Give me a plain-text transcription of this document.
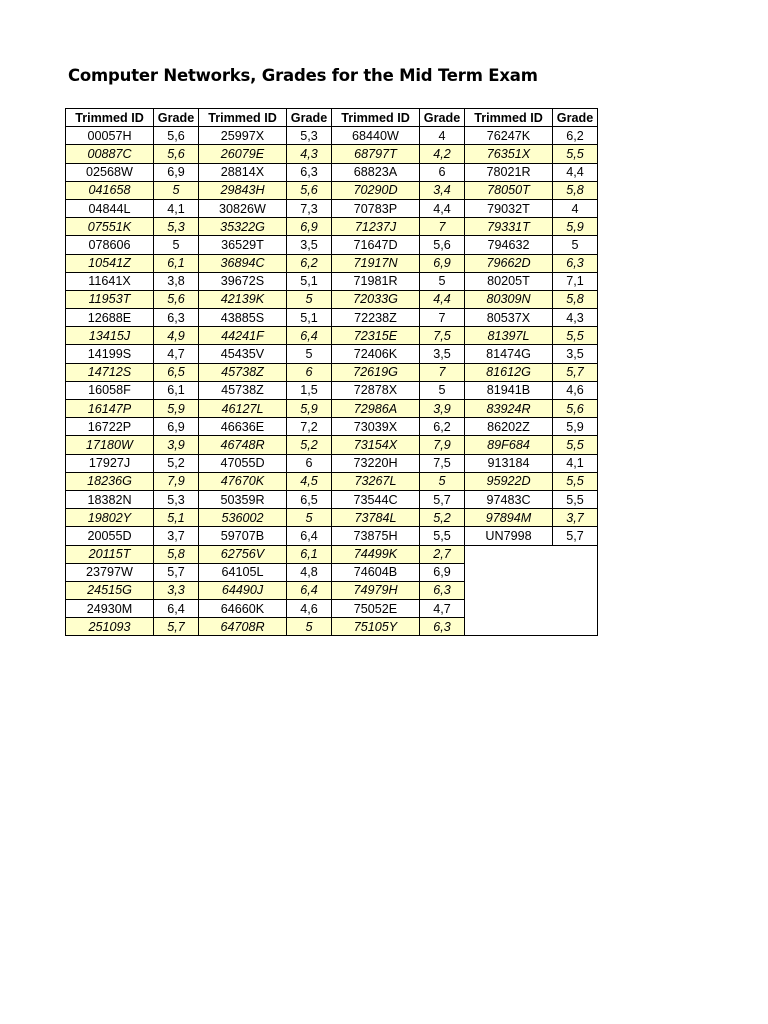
Computer Networks, Grades for the Mid Term Exam
Trimmed ID	Grade	Trimmed ID	Grade	Trimmed ID	Grade	Trimmed ID	Grade
00057H	5,6	25997X	5,3	68440W	4	76247K	6,2
00887C	5,6	26079E	4,3	68797T	4,2	76351X	5,5
02568W	6,9	28814X	6,3	68823A	6	78021R	4,4
041658	5	29843H	5,6	70290D	3,4	78050T	5,8
04844L	4,1	30826W	7,3	70783P	4,4	79032T	4
07551K	5,3	35322G	6,9	71237J	7	79331T	5,9
078606	5	36529T	3,5	71647D	5,6	794632	5
10541Z	6,1	36894C	6,2	71917N	6,9	79662D	6,3
11641X	3,8	39672S	5,1	71981R	5	80205T	7,1
11953T	5,6	42139K	5	72033G	4,4	80309N	5,8
12688E	6,3	43885S	5,1	72238Z	7	80537X	4,3
13415J	4,9	44241F	6,4	72315E	7,5	81397L	5,5
14199S	4,7	45435V	5	72406K	3,5	81474G	3,5
14712S	6,5	45738Z	6	72619G	7	81612G	5,7
16058F	6,1	45738Z	1,5	72878X	5	81941B	4,6
16147P	5,9	46127L	5,9	72986A	3,9	83924R	5,6
16722P	6,9	46636E	7,2	73039X	6,2	86202Z	5,9
17180W	3,9	46748R	5,2	73154X	7,9	89F684	5,5
17927J	5,2	47055D	6	73220H	7,5	913184	4,1
18236G	7,9	47670K	4,5	73267L	5	95922D	5,5
18382N	5,3	50359R	6,5	73544C	5,7	97483C	5,5
19802Y	5,1	536002	5	73784L	5,2	97894M	3,7
20055D	3,7	59707B	6,4	73875H	5,5	UN7998	5,7
20115T	5,8	62756V	6,1	74499K	2,7		
23797W	5,7	64105L	4,8	74604B	6,9		
24515G	3,3	64490J	6,4	74979H	6,3		
24930M	6,4	64660K	4,6	75052E	4,7		
251093	5,7	64708R	5	75105Y	6,3		
